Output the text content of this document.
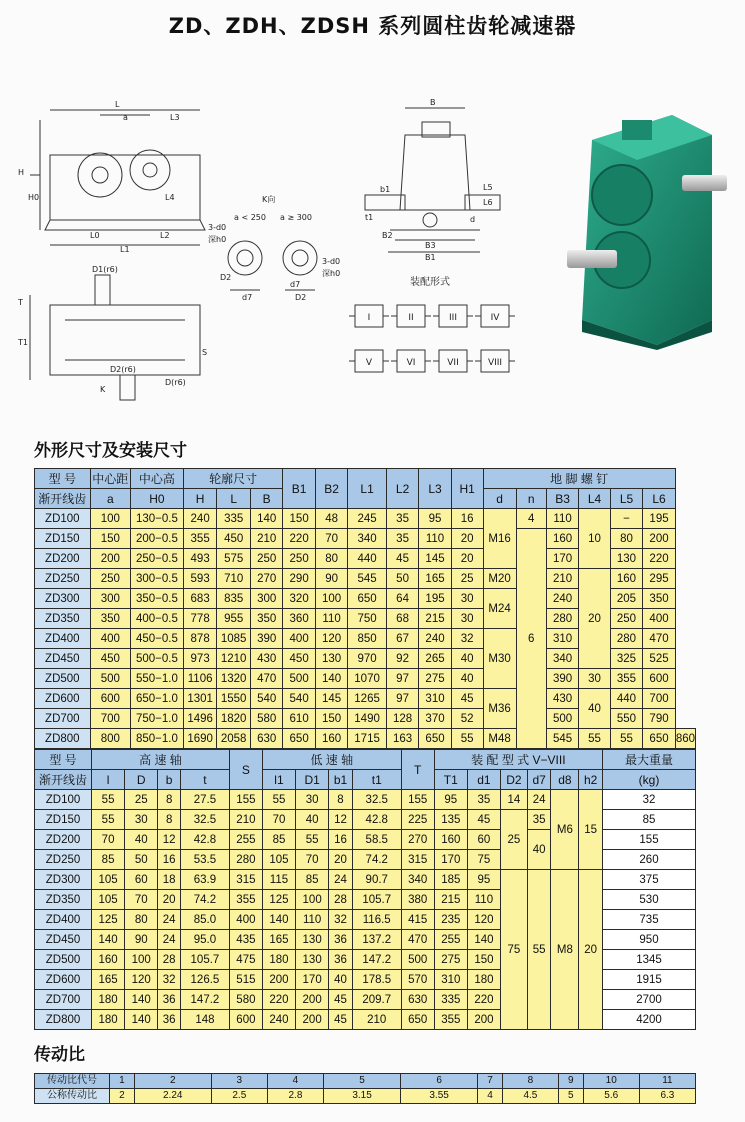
ZD、ZDH、ZDSH 系列圆柱齿轮减速器
L
a	L3
H
H0
L0
L1
L2
L4
D1(r6)
T
T1
D2(r6)
D(r6)
K
S
K向
a < 250 a ≥ 300
3-d0
深h0
3-d0
深h0
D2
d7
d7
D2
B
b1
t1
B2
B3
B1
d
L6
L5
装配形式
I	II	III	IV
V	VI	VII	VIII
外形尺寸及安装尺寸
型 号	中心距	中心高	轮廓尺寸			B1	B2	L1	L2	L3	H1	地 脚 螺 钉						
渐开线齿	a	H0	H	L	B							d	n	B3	L4	L5	L6	
ZD100	100	130−0.5	240	335	140	150	48	245	35	95	16	M16	4	110	10	−	195	
ZD150	150	200−0.5	355	450	210	220	70	340	35	110	20		6	160		80	200	
ZD200	200	250−0.5	493	575	250	250	80	440	45	145	20			170		130	220	
ZD250	250	300−0.5	593	710	270	290	90	545	50	165	25	M20		210	20	160	295	
ZD300	300	350−0.5	683	835	300	320	100	650	64	195	30	M24		240		205	350	
ZD350	350	400−0.5	778	955	350	360	110	750	68	215	30			280		250	400	
ZD400	400	450−0.5	878	1085	390	400	120	850	67	240	32	M30		310		280	470	
ZD450	450	500−0.5	973	1210	430	450	130	970	92	265	40			340		325	525	
ZD500	500	550−1.0	1106	1320	470	500	140	1070	97	275	40			390	30	355	600	
ZD600	600	650−1.0	1301	1550	540	540	145	1265	97	310	45	M36		430	40	440	700	
ZD700	700	750−1.0	1496	1820	580	610	150	1490	128	370	52			500		550	790	
ZD800	800	850−1.0	1690	2058	630	650	160	1715	163	650	55	M48		545	55	55	650	860
型 号	高 速 轴				S	低 速 轴				T	装 配 型 式 V−VIII						最大重量
渐开线齿	l	D	b	t		l1	D1	b1	t1		T1	d1	D2	d7	d8	h2	(kg)
ZD100	55	25	8	27.5	155	55	30	8	32.5	155	95	35	14	24	M6	15	32
ZD150	55	30	8	32.5	210	70	40	12	42.8	225	135	45	25	35			85
ZD200	70	40	12	42.8	255	85	55	16	58.5	270	160	60		40			155
ZD250	85	50	16	53.5	280	105	70	20	74.2	315	170	75					260
ZD300	105	60	18	63.9	315	115	85	24	90.7	340	185	95	75	55	M8	20	375
ZD350	105	70	20	74.2	355	125	100	28	105.7	380	215	110					530
ZD400	125	80	24	85.0	400	140	110	32	116.5	415	235	120					735
ZD450	140	90	24	95.0	435	165	130	36	137.2	470	255	140					950
ZD500	160	100	28	105.7	475	180	130	36	147.2	500	275	150					1345
ZD600	165	120	32	126.5	515	200	170	40	178.5	570	310	180					1915
ZD700	180	140	36	147.2	580	220	200	45	209.7	630	335	220					2700
ZD800	180	140	36	148	600	240	200	45	210	650	355	200					4200
传动比
传动比代号	1	2	3	4	5	6	7	8	9	10	11
公称传动比	2	2.24	2.5	2.8	3.15	3.55	4	4.5	5	5.6	6.3
